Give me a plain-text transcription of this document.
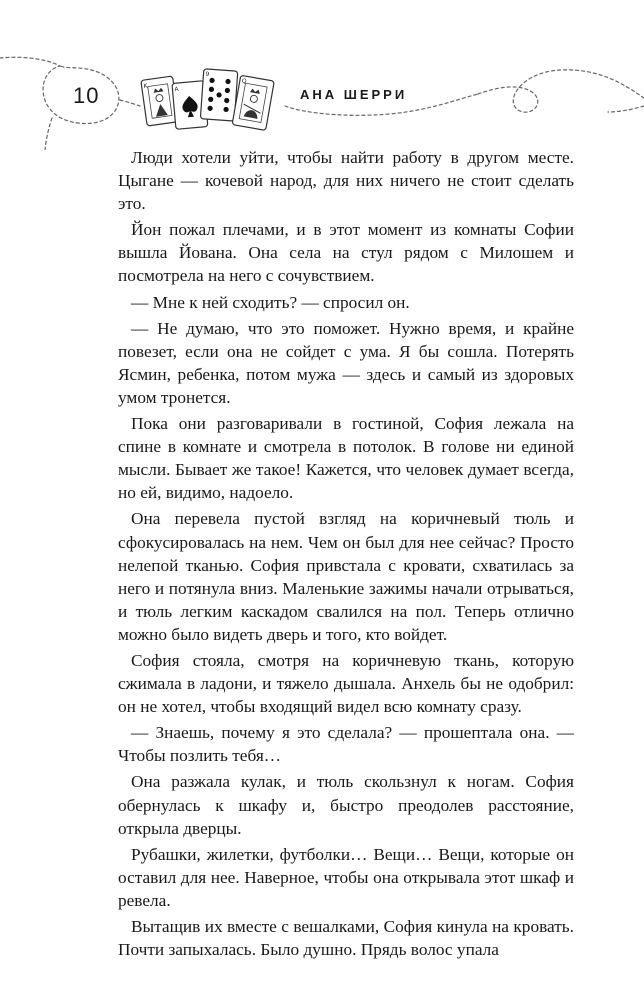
K	A
9
Q
10	АНА ШЕРРИ

Люди хотели уйти, чтобы найти работу в другом месте. Цыгане — кочевой народ, для них ничего не стоит сделать это.

Йон пожал плечами, и в этот момент из комнаты Софии вышла Йована. Она села на стул рядом с Милошем и посмотрела на него с сочувствием.

— Мне к ней сходить? — спросил он.

— Не думаю, что это поможет. Нужно время, и крайне повезет, если она не сойдет с ума. Я бы сошла. Потерять Ясмин, ребенка, потом мужа — здесь и самый из здоровых умом тронется.

Пока они разговаривали в гостиной, София лежала на спине в комнате и смотрела в потолок. В голове ни единой мысли. Бывает же такое! Кажется, что человек думает всегда, но ей, видимо, надоело.

Она перевела пустой взгляд на коричневый тюль и сфокусировалась на нем. Чем он был для нее сейчас? Просто нелепой тканью. София привстала с кровати, схватилась за него и потянула вниз. Маленькие зажимы начали отрываться, и тюль легким каскадом свалился на пол. Теперь отлично можно было видеть дверь и того, кто войдет.

София стояла, смотря на коричневую ткань, которую сжимала в ладони, и тяжело дышала. Анхель бы не одобрил: он не хотел, чтобы входящий видел всю комнату сразу.

— Знаешь, почему я это сделала? — прошептала она. — Чтобы позлить тебя…

Она разжала кулак, и тюль скользнул к ногам. София обернулась к шкафу и, быстро преодолев расстояние, открыла дверцы.

Рубашки, жилетки, футболки… Вещи… Вещи, которые он оставил для нее. Наверное, чтобы она открывала этот шкаф и ревела.

Вытащив их вместе с вешалками, София кинула на кровать. Почти запыхалась. Было душно. Прядь волос упала
